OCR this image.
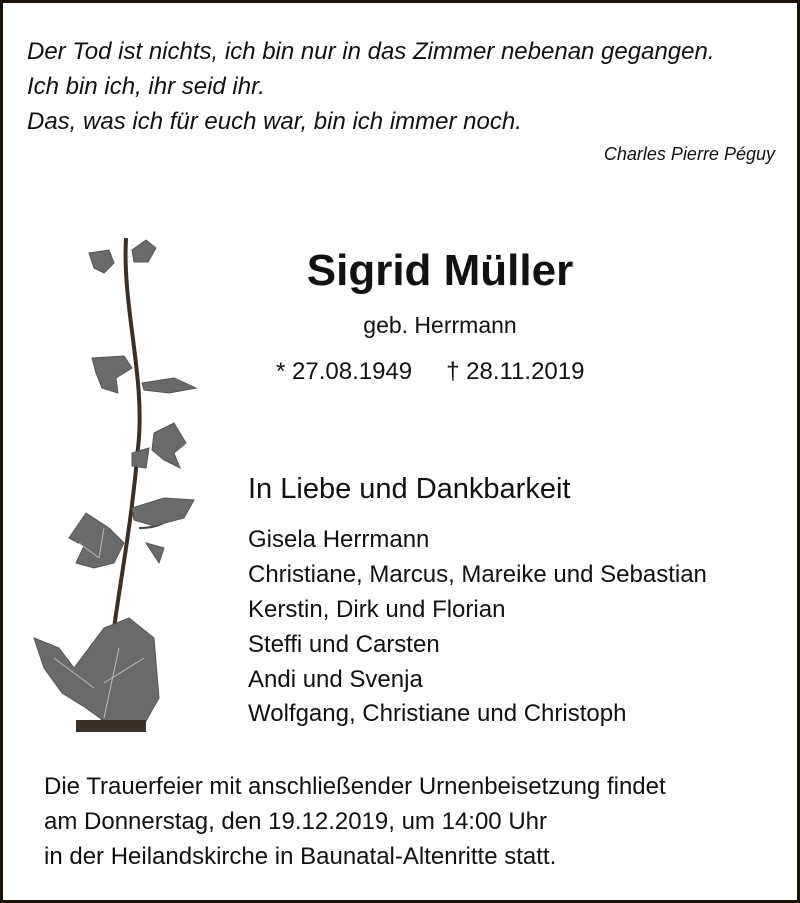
Der Tod ist nichts, ich bin nur in das Zimmer nebenan gegangen.
Ich bin ich, ihr seid ihr.
Das, was ich für euch war, bin ich immer noch.
Charles Pierre Péguy
Sigrid Müller
geb. Herrmann
* 27.08.1949 † 28.11.2019
In Liebe und Dankbarkeit
Gisela Herrmann
Christiane, Marcus, Mareike und Sebastian
Kerstin, Dirk und Florian
Steffi und Carsten
Andi und Svenja
Wolfgang, Christiane und Christoph
Die Trauerfeier mit anschließender Urnenbeisetzung findet
am Donnerstag, den 19.12.2019, um 14:00 Uhr
in der Heilandskirche in Baunatal-Altenritte statt.
